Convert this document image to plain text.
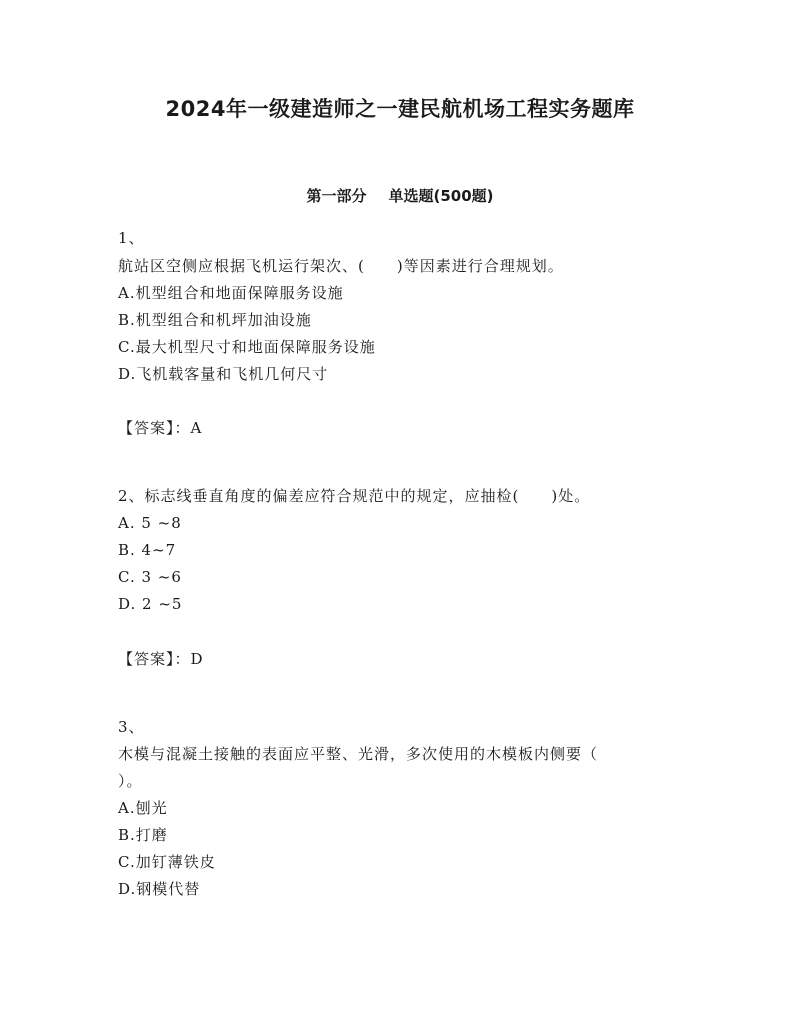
2024年一级建造师之一建民航机场工程实务题库
第一部分 单选题(500题)
1、
航站区空侧应根据飞机运行架次、(　　)等因素进行合理规划。
A.机型组合和地面保障服务设施
B.机型组合和机坪加油设施
C.最大机型尺寸和地面保障服务设施
D.飞机载客量和飞机几何尺寸
【答案】：A
2、标志线垂直角度的偏差应符合规范中的规定，应抽检(　　)处。
A. 5 ~8
B. 4~7
C. 3 ~6
D. 2 ~5
【答案】：D
3、
木模与混凝土接触的表面应平整、光滑，多次使用的木模板内侧要（
）。
A.刨光
B.打磨
C.加钉薄铁皮
D.钢模代替
